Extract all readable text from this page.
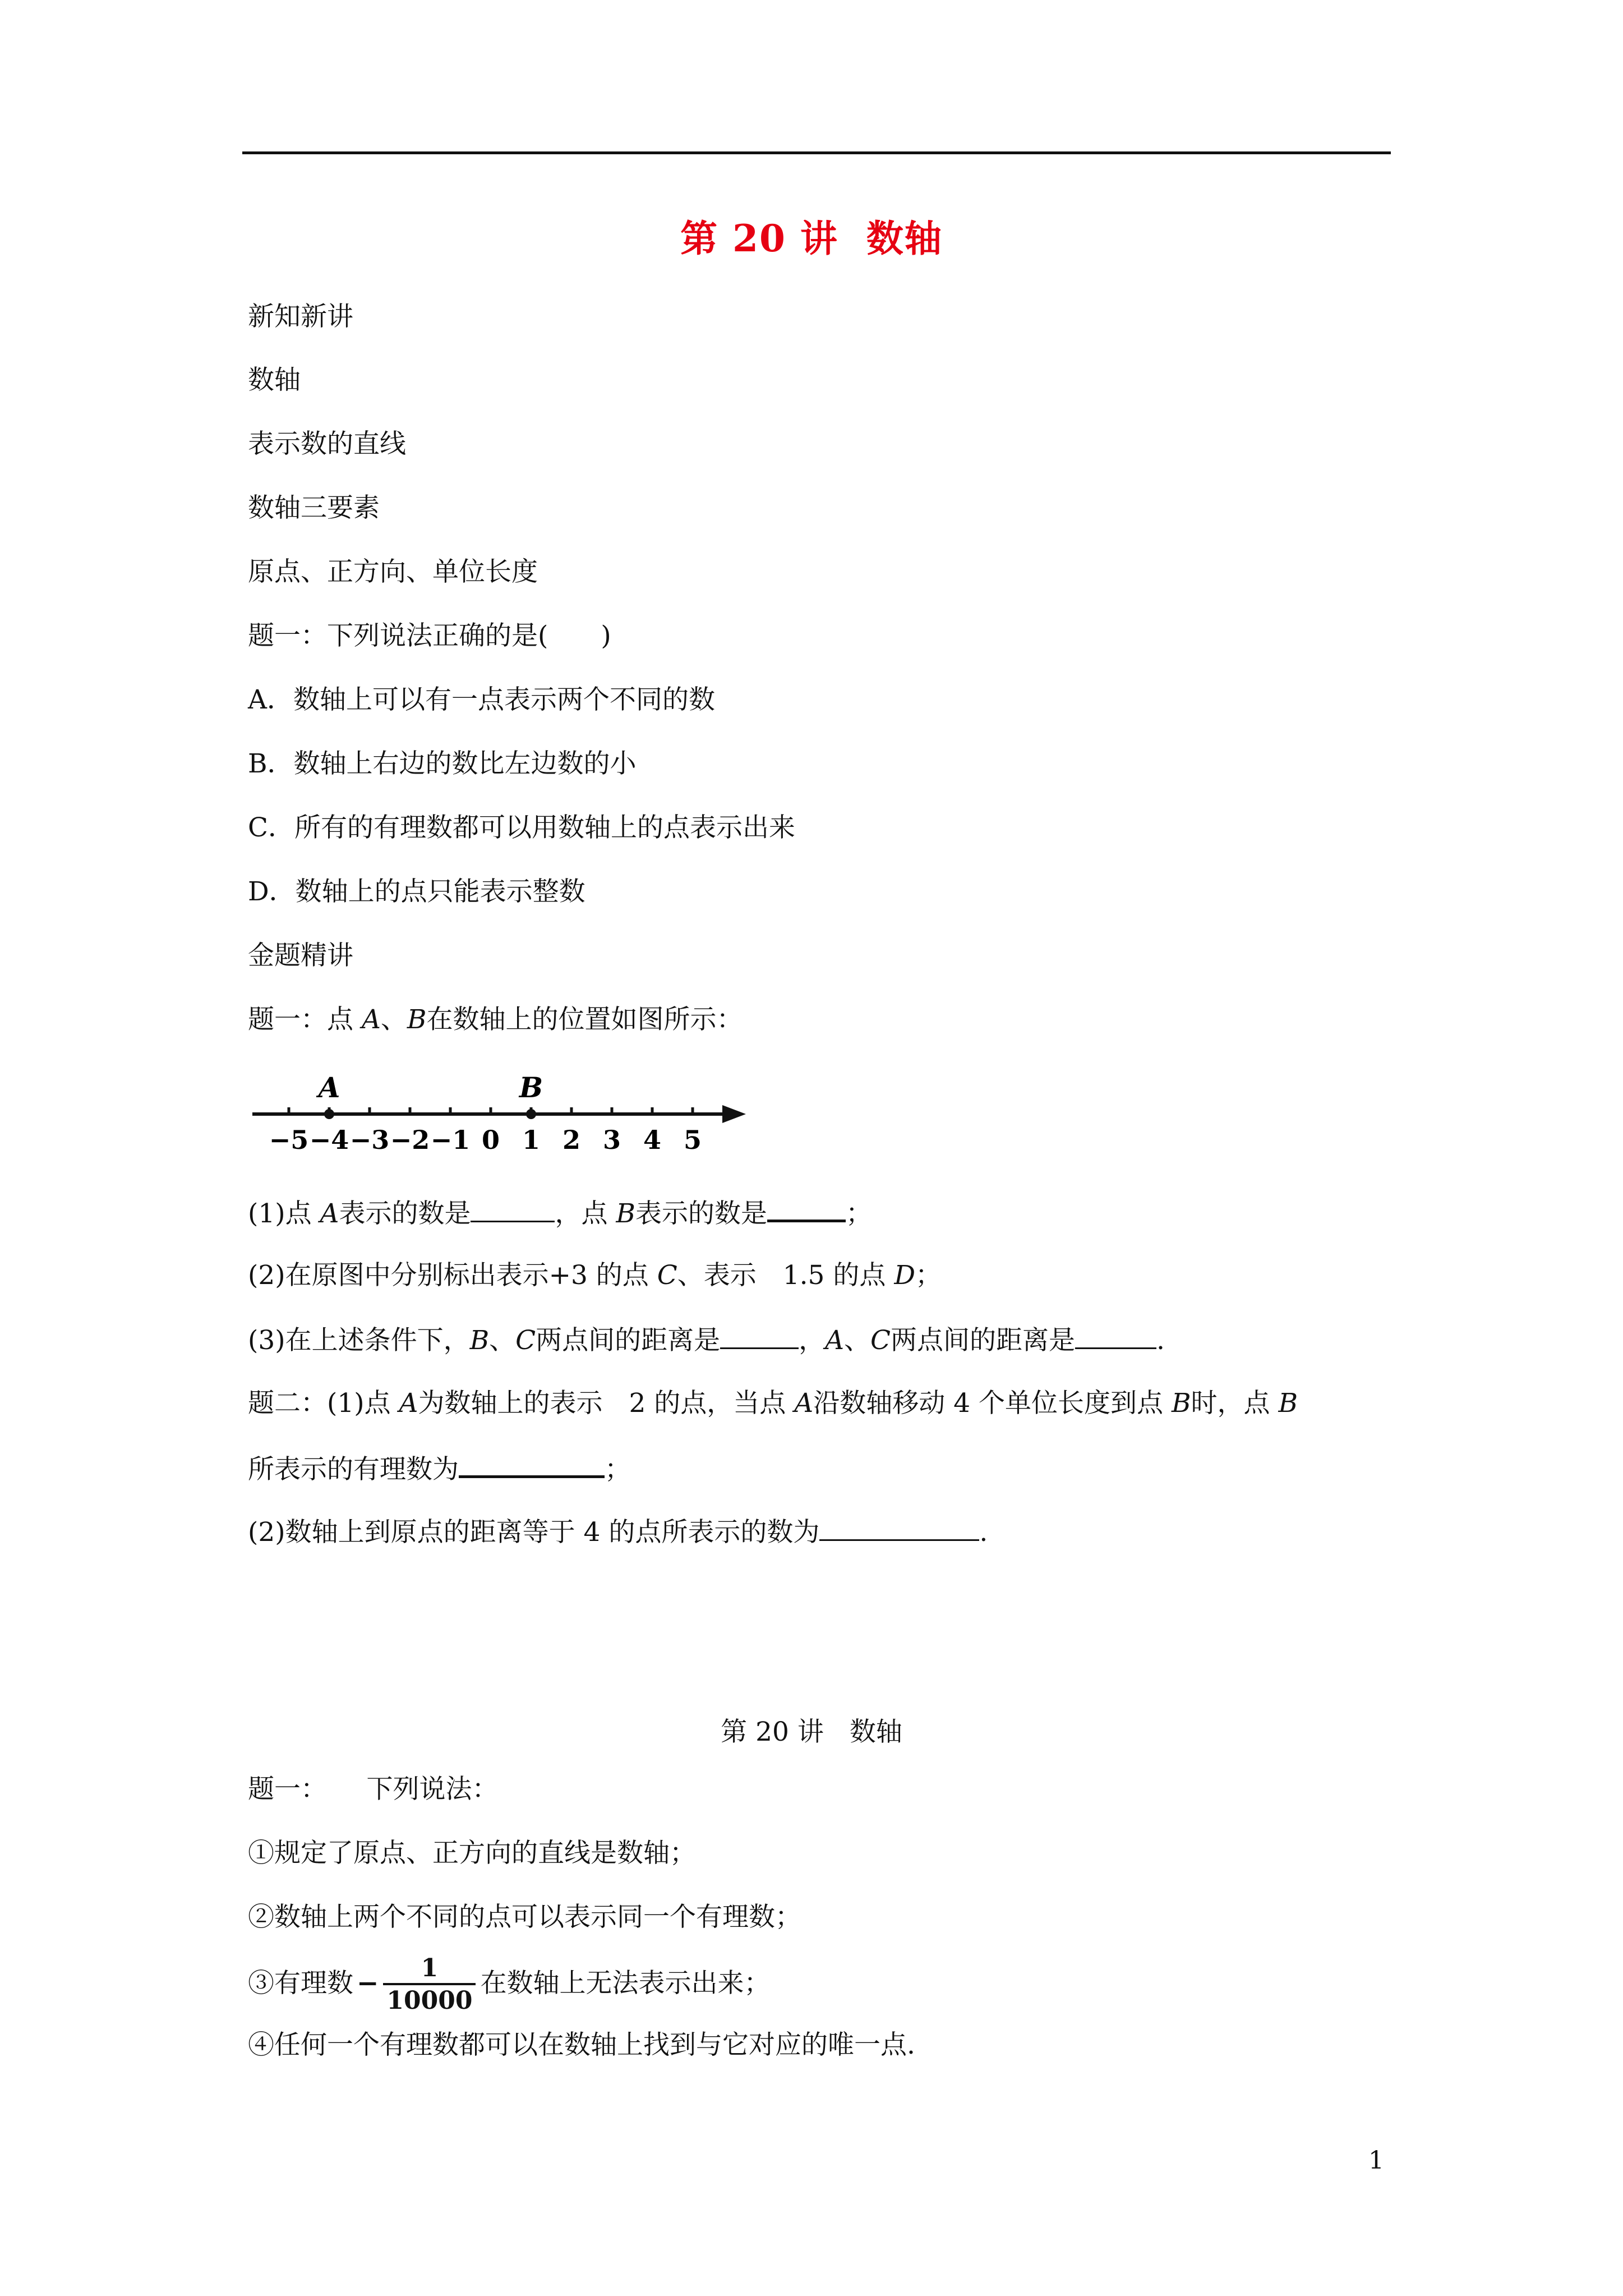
第 20 讲 数轴
新知新讲
数轴
表示数的直线
数轴三要素
原点、正方向、单位长度
题一：下列说法正确的是(　　)
A．数轴上可以有一点表示两个不同的数
B．数轴上右边的数比左边数的小
C．所有的有理数都可以用数轴上的点表示出来
D．数轴上的点只能表示整数
金题精讲
题一：点 A、B在数轴上的位置如图所示：
−5 −4 −3 −2 −1 0 1 2 3 4 5
A	B
(1)点 A表示的数是	，点 B表示的数是	；
(2)在原图中分别标出表示+3 的点 C、表示　1.5 的点 D；
(3)在上述条件下，B、C两点间的距离是	，A、C两点间的距离是	.
题二：(1)点 A为数轴上的表示　2 的点，当点 A沿数轴移动 4 个单位长度到点 B时，点 B
所表示的有理数为	；
(2)数轴上到原点的距离等于 4 的点所表示的数为	.
第 20 讲 数轴
题一：　　下列说法：
①规定了原点、正方向的直线是数轴；
②数轴上两个不同的点可以表示同一个有理数；
③有理数 − $\frac{1}{10000}$ 在数轴上无法表示出来；
④任何一个有理数都可以在数轴上找到与它对应的唯一点.
1
